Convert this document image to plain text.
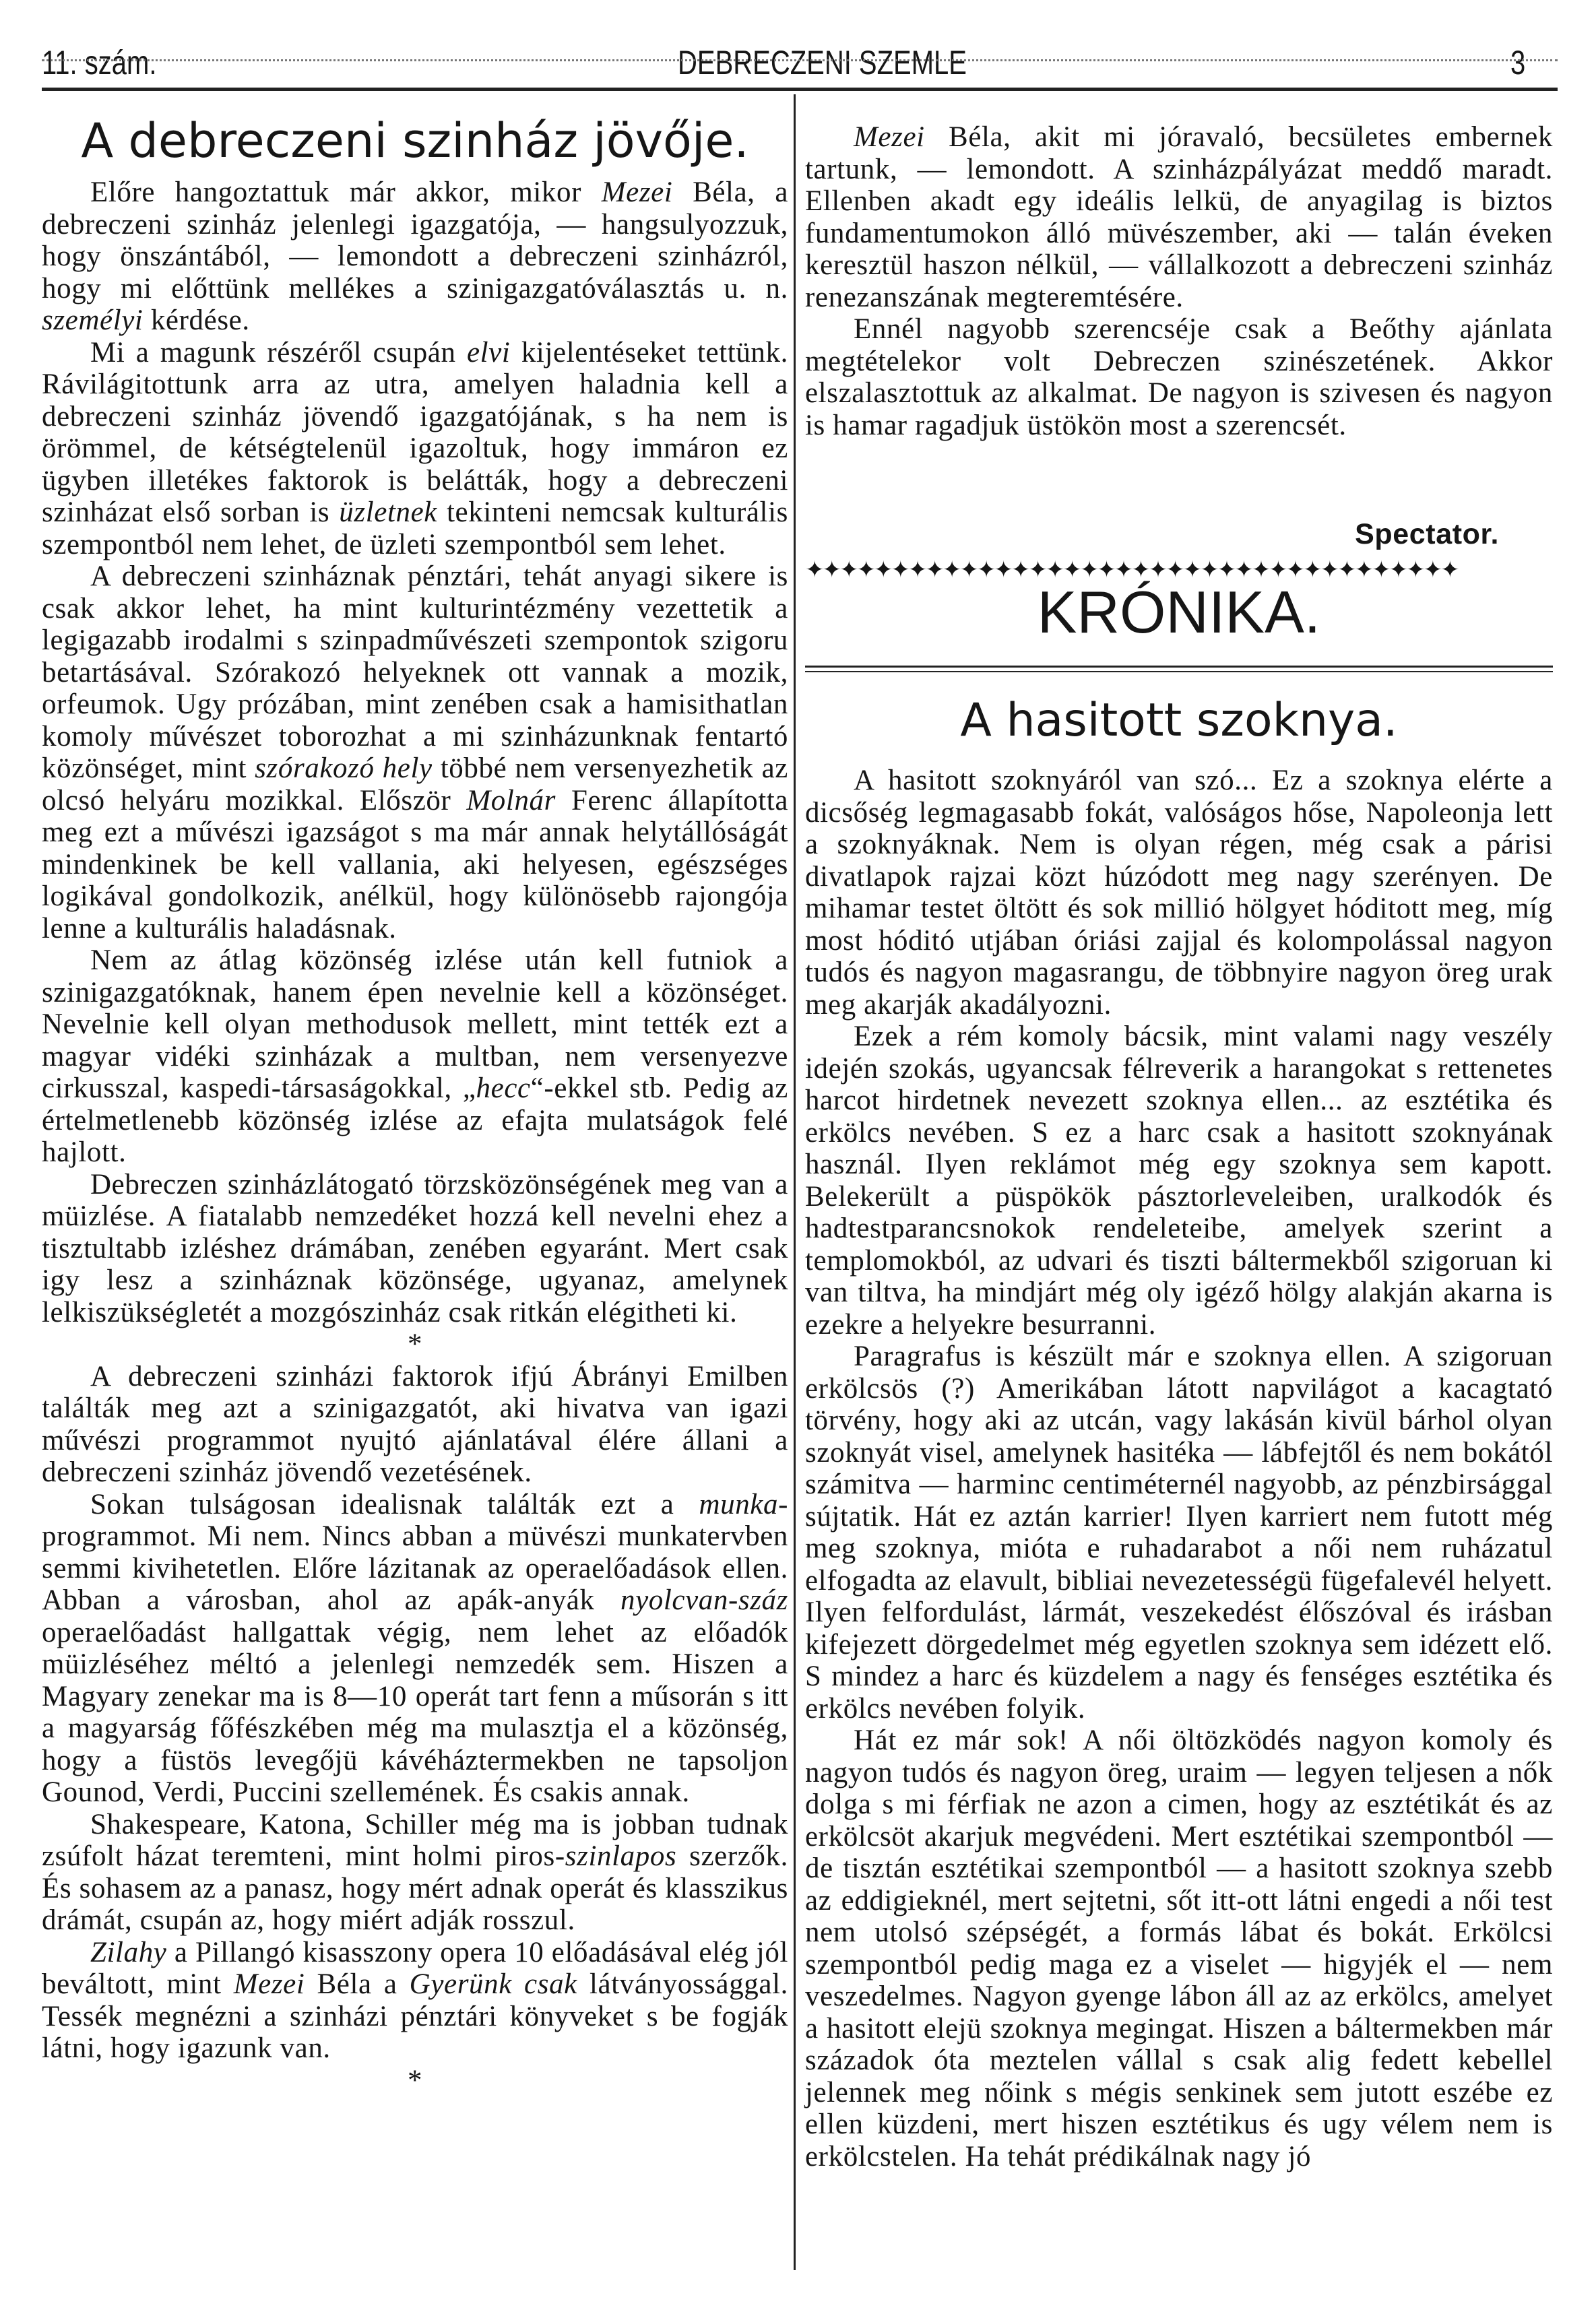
11. szám.	DEBRECZENI SZEMLE	3
A debreczeni szinház jövője.

Előre hangoztattuk már akkor, mikor Mezei Béla, a debreczeni szinház jelenlegi igazgatója, — hangsulyozzuk, hogy önszántából, — lemondott a debreczeni szinházról, hogy mi előttünk mellékes a szinigazgatóválasztás u. n. személyi kérdése.

Mi a magunk részéről csupán elvi kijelentéseket tettünk. Rávilágitottunk arra az utra, amelyen haladnia kell a debreczeni szinház jövendő igazgatójának, s ha nem is örömmel, de kétségtelenül igazoltuk, hogy immáron ez ügyben illetékes faktorok is belátták, hogy a debreczeni szinházat első sorban is üzletnek tekinteni nemcsak kulturális szempontból nem lehet, de üzleti szempontból sem lehet.

A debreczeni szinháznak pénztári, tehát anyagi sikere is csak akkor lehet, ha mint kulturintézmény vezettetik a legigazabb irodalmi s szinpadművészeti szempontok szigoru betartásával. Szórakozó helyeknek ott vannak a mozik, orfeumok. Ugy prózában, mint zenében csak a hamisithatlan komoly művészet toborozhat a mi szinházunknak fentartó közönséget, mint szórakozó hely többé nem versenyezhetik az olcsó helyáru mozikkal. Először Molnár Ferenc állapította meg ezt a művészi igazságot s ma már annak helytállóságát mindenkinek be kell vallania, aki helyesen, egészséges logikával gondolkozik, anélkül, hogy különösebb rajongója lenne a kulturális haladásnak.

Nem az átlag közönség izlése után kell futniok a szinigazgatóknak, hanem épen nevelnie kell a közönséget. Nevelnie kell olyan methodusok mellett, mint tették ezt a magyar vidéki szinházak a multban, nem versenyezve cirkusszal, kaspedi-társaságokkal, „hecc“-ekkel stb. Pedig az értelmetlenebb közönség izlése az efajta mulatságok felé hajlott.

Debreczen szinházlátogató törzsközönségének meg van a müizlése. A fiatalabb nemzedéket hozzá kell nevelni ehez a tisztultabb izléshez drámában, zenében egyaránt. Mert csak igy lesz a szinháznak közönsége, ugyanaz, amelynek lelkiszükségletét a mozgószinház csak ritkán elégitheti ki.

*

A debreczeni szinházi faktorok ifjú Ábrányi Emilben találták meg azt a szinigazgatót, aki hivatva van igazi művészi programmot nyujtó ajánlatával élére állani a debreczeni szinház jövendő vezetésének.

Sokan tulságosan idealisnak találták ezt a munka-programmot. Mi nem. Nincs abban a müvészi munkatervben semmi kivihetetlen. Előre lázitanak az operaelőadások ellen. Abban a városban, ahol az apák-anyák nyolcvan-száz operaelőadást hallgattak végig, nem lehet az előadók müizléséhez méltó a jelenlegi nemzedék sem. Hiszen a Magyary zenekar ma is 8—10 operát tart fenn a műsorán s itt a magyarság főfészkében még ma mulasztja el a közönség, hogy a füstös levegőjü kávéháztermekben ne tapsoljon Gounod, Verdi, Puccini szellemének. És csakis annak.

Shakespeare, Katona, Schiller még ma is jobban tudnak zsúfolt házat teremteni, mint holmi piros-szinlapos szerzők. És sohasem az a panasz, hogy mért adnak operát és klasszikus drámát, csupán az, hogy miért adják rosszul.

Zilahy a Pillangó kisasszony opera 10 előadásával elég jól beváltott, mint Mezei Béla a Gyerünk csak látványossággal. Tessék megnézni a szinházi pénztári könyveket s be fogják látni, hogy igazunk van.

*

Mezei Béla, akit mi jóravaló, becsületes embernek tartunk, — lemondott. A szinházpályázat meddő maradt. Ellenben akadt egy ideális lelkü, de anyagilag is biztos fundamentumokon álló müvészember, aki — talán éveken keresztül haszon nélkül, — vállalkozott a debreczeni szinház renezanszának megteremtésére.

Ennél nagyobb szerencséje csak a Beőthy ajánlata megtételekor volt Debreczen szinészetének. Akkor elszalasztottuk az alkalmat. De nagyon is szivesen és nagyon is hamar ragadjuk üstökön most a szerencsét.

Spectator.

✦✦✦✦✦✦✦✦✦✦✦✦✦✦✦✦✦✦✦✦✦✦✦✦✦✦✦✦✦✦✦✦✦✦✦✦✦✦
KRÓNIKA.
A hasitott szoknya.

A hasitott szoknyáról van szó... Ez a szoknya elérte a dicsőség legmagasabb fokát, valóságos hőse, Napoleonja lett a szoknyáknak. Nem is olyan régen, még csak a párisi divatlapok rajzai közt húzódott meg nagy szerényen. De mihamar testet öltött és sok millió hölgyet hóditott meg, míg most hóditó utjában óriási zajjal és kolompolással nagyon tudós és nagyon magasrangu, de többnyire nagyon öreg urak meg akarják akadályozni.

Ezek a rém komoly bácsik, mint valami nagy veszély idején szokás, ugyancsak félreverik a harangokat s rettenetes harcot hirdetnek nevezett szoknya ellen... az esztétika és erkölcs nevében. S ez a harc csak a hasitott szoknyának használ. Ilyen reklámot még egy szoknya sem kapott. Belekerült a püspökök pásztorleveleiben, uralkodók és hadtestparancsnokok rendeleteibe, amelyek szerint a templomokból, az udvari és tiszti báltermekből szigoruan ki van tiltva, ha mindjárt még oly igéző hölgy alakján akarna is ezekre a helyekre besurranni.

Paragrafus is készült már e szoknya ellen. A szigoruan erkölcsös (?) Amerikában látott napvilágot a kacagtató törvény, hogy aki az utcán, vagy lakásán kivül bárhol olyan szoknyát visel, amelynek hasitéka — lábfejtől és nem bokától számitva — harminc centiméternél nagyobb, az pénzbirsággal sújtatik. Hát ez aztán karrier! Ilyen karriert nem futott még meg szoknya, mióta e ruhadarabot a női nem ruházatul elfogadta az elavult, bibliai nevezetességü fügefalevél helyett. Ilyen felfordulást, lármát, veszekedést élőszóval és irásban kifejezett dörgedelmet még egyetlen szoknya sem idézett elő. S mindez a harc és küzdelem a nagy és fenséges esztétika és erkölcs nevében folyik.

Hát ez már sok! A női öltözködés nagyon komoly és nagyon tudós és nagyon öreg, uraim — legyen teljesen a nők dolga s mi férfiak ne azon a cimen, hogy az esztétikát és az erkölcsöt akarjuk megvédeni. Mert esztétikai szempontból — de tisztán esztétikai szempontból — a hasitott szoknya szebb az eddigieknél, mert sejtetni, sőt itt-ott látni engedi a női test nem utolsó szépségét, a formás lábat és bokát. Erkölcsi szempontból pedig maga ez a viselet — higyjék el — nem veszedelmes. Nagyon gyenge lábon áll az az erkölcs, amelyet a hasitott elejü szoknya megingat. Hiszen a báltermekben már századok óta meztelen vállal s csak alig fedett kebellel jelennek meg nőink s mégis senkinek sem jutott eszébe ez ellen küzdeni, mert hiszen esztétikus és ugy vélem nem is erkölcstelen. Ha tehát prédikálnak nagy jó
